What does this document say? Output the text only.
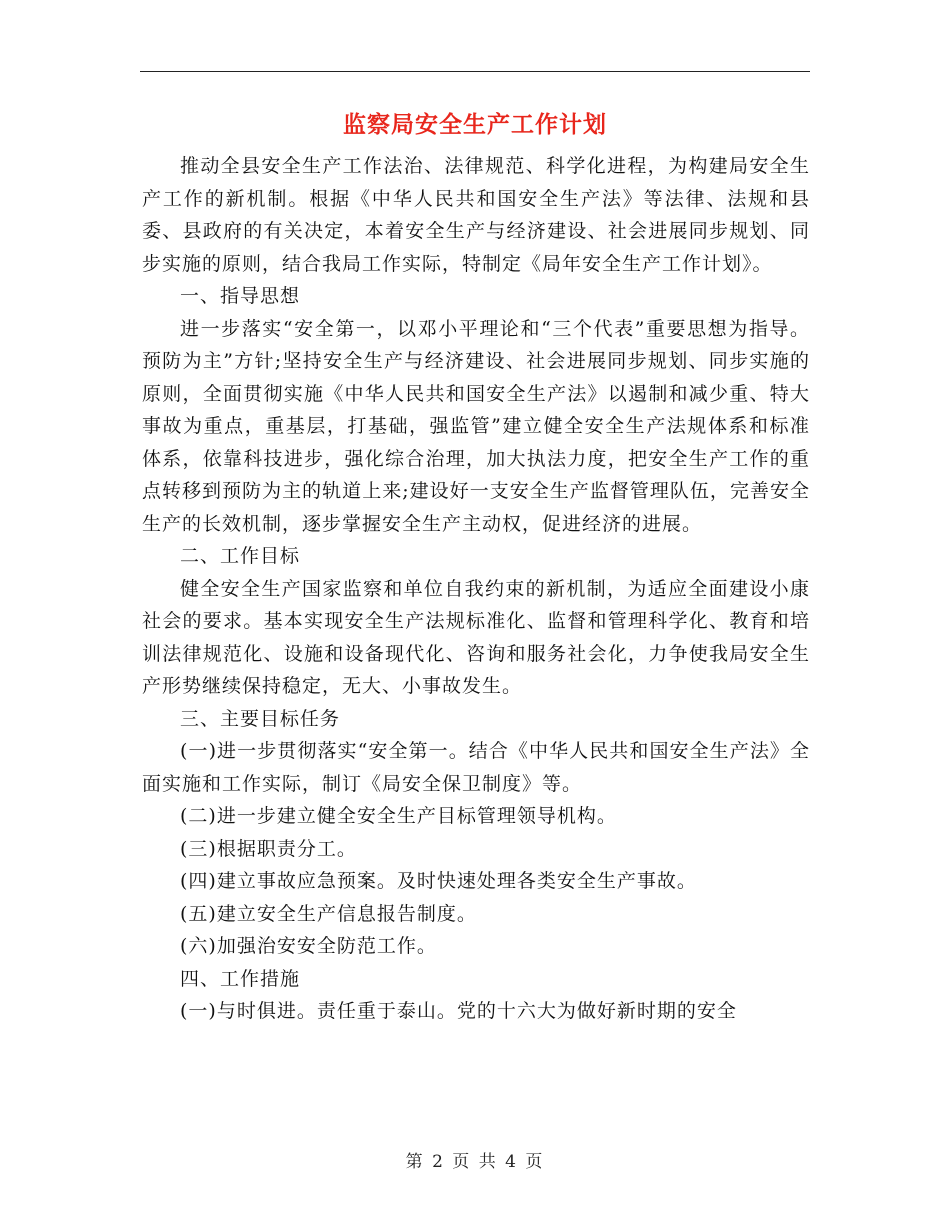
监察局安全生产工作计划

推动全县安全生产工作法治、法律规范、科学化进程，为构建局安全生产工作的新机制。根据《中华人民共和国安全生产法》等法律、法规和县委、县政府的有关决定，本着安全生产与经济建设、社会进展同步规划、同步实施的原则，结合我局工作实际，特制定《局年安全生产工作计划》。

一、指导思想

进一步落实“安全第一，以邓小平理论和“三个代表”重要思想为指导。预防为主”方针;坚持安全生产与经济建设、社会进展同步规划、同步实施的原则，全面贯彻实施《中华人民共和国安全生产法》以遏制和减少重、特大事故为重点，重基层，打基础，强监管”建立健全安全生产法规体系和标准体系，依靠科技进步，强化综合治理，加大执法力度，把安全生产工作的重点转移到预防为主的轨道上来;建设好一支安全生产监督管理队伍，完善安全生产的长效机制，逐步掌握安全生产主动权，促进经济的进展。

二、工作目标

健全安全生产国家监察和单位自我约束的新机制，为适应全面建设小康社会的要求。基本实现安全生产法规标准化、监督和管理科学化、教育和培训法律规范化、设施和设备现代化、咨询和服务社会化，力争使我局安全生产形势继续保持稳定，无大、小事故发生。

三、主要目标任务

(一)进一步贯彻落实“安全第一。结合《中华人民共和国安全生产法》全面实施和工作实际，制订《局安全保卫制度》等。

(二)进一步建立健全安全生产目标管理领导机构。

(三)根据职责分工。

(四)建立事故应急预案。及时快速处理各类安全生产事故。

(五)建立安全生产信息报告制度。

(六)加强治安安全防范工作。

四、工作措施

(一)与时俱进。责任重于泰山。党的十六大为做好新时期的安全

第 2 页 共 4 页
